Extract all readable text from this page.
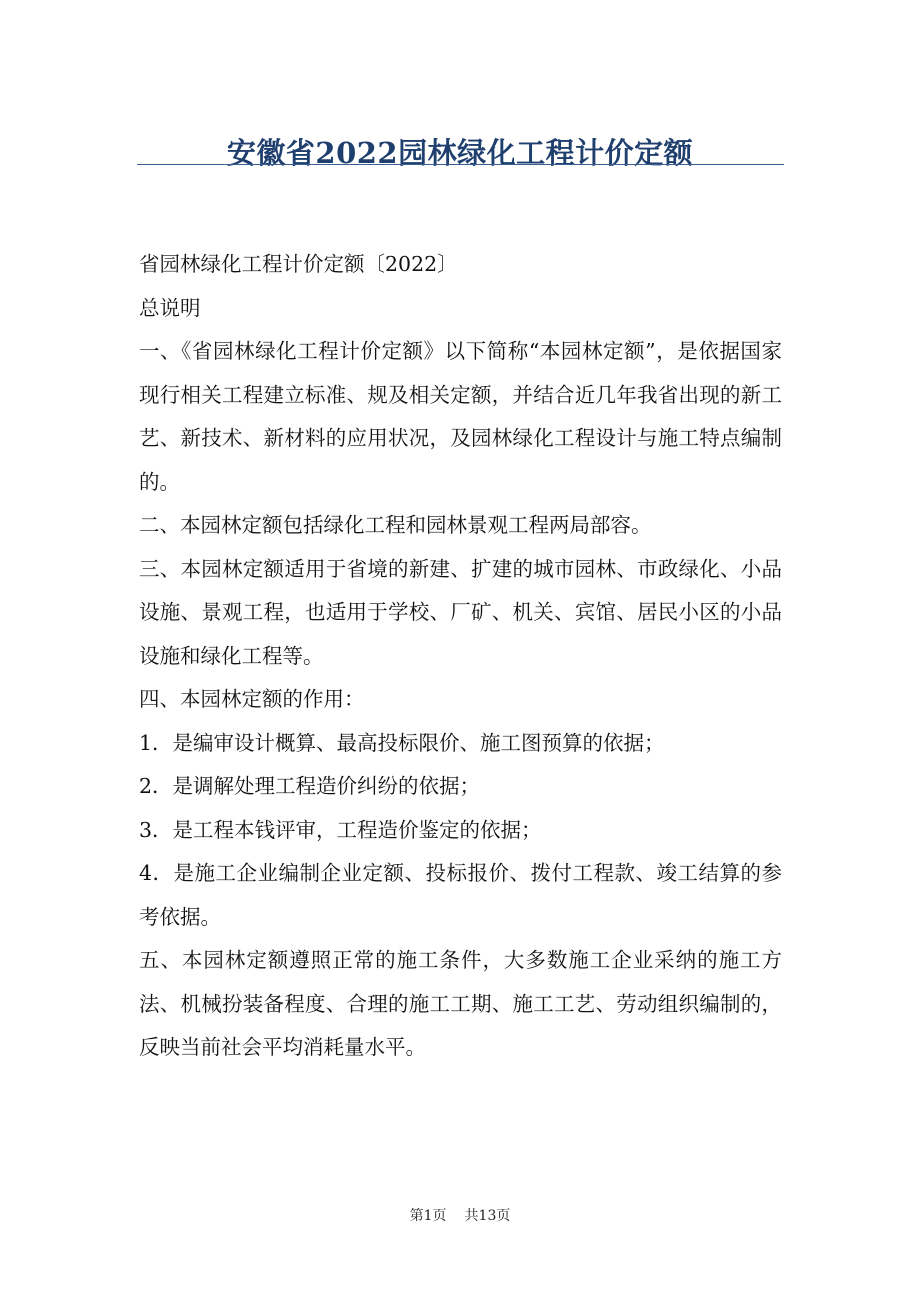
安徽省2022园林绿化工程计价定额

省园林绿化工程计价定额〔2022〕

总说明

一、《省园林绿化工程计价定额》以下简称“本园林定额”，是依据国家现行相关工程建立标准、规及相关定额，并结合近几年我省出现的新工艺、新技术、新材料的应用状况，及园林绿化工程设计与施工特点编制的。

二、本园林定额包括绿化工程和园林景观工程两局部容。

三、本园林定额适用于省境的新建、扩建的城市园林、市政绿化、小品设施、景观工程，也适用于学校、厂矿、机关、宾馆、居民小区的小品设施和绿化工程等。

四、本园林定额的作用：

1．是编审设计概算、最高投标限价、施工图预算的依据；

2．是调解处理工程造价纠纷的依据；

3．是工程本钱评审，工程造价鉴定的依据；

4．是施工企业编制企业定额、投标报价、拨付工程款、竣工结算的参考依据。

五、本园林定额遵照正常的施工条件，大多数施工企业采纳的施工方法、机械扮装备程度、合理的施工工期、施工工艺、劳动组织编制的，反映当前社会平均消耗量水平。

第1页 共13页
